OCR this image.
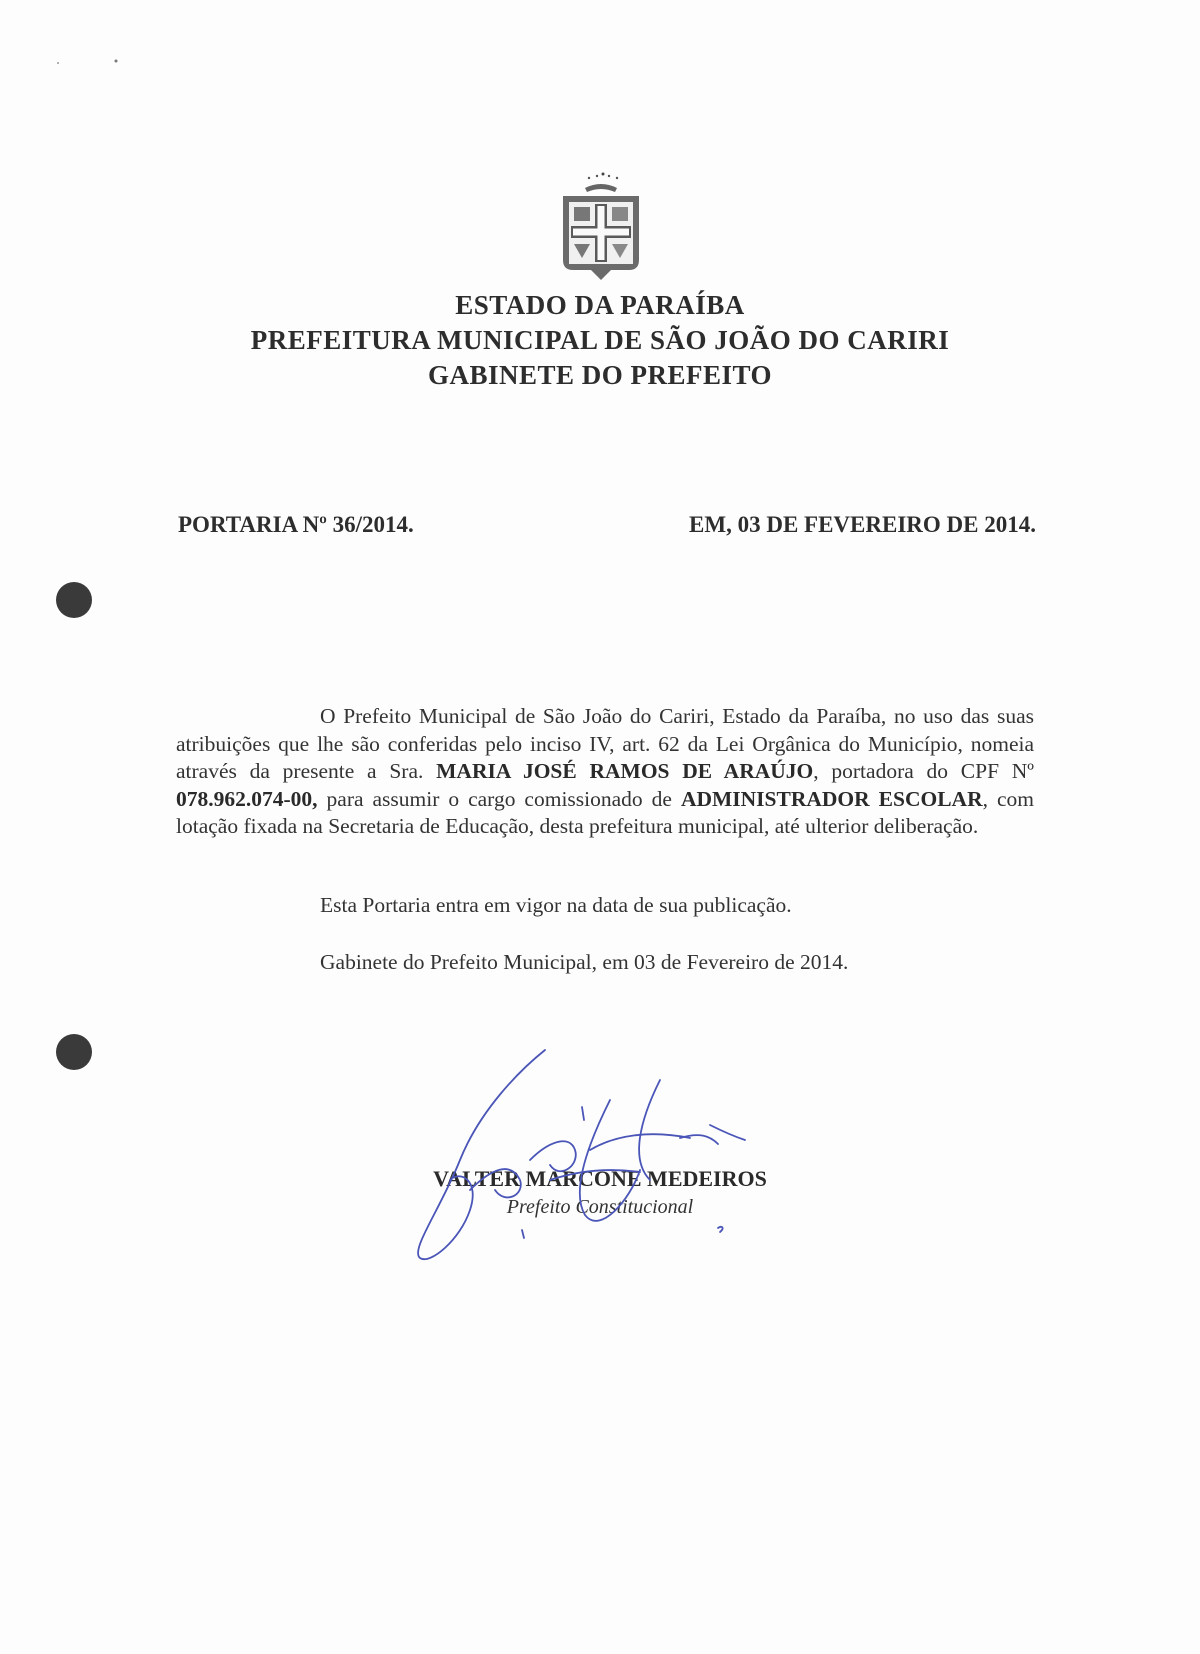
ESTADO DA PARAÍBA
PREFEITURA MUNICIPAL DE SÃO JOÃO DO CARIRI
GABINETE DO PREFEITO
PORTARIA Nº 36/2014.	EM, 03 DE FEVEREIRO DE 2014.
O Prefeito Municipal de São João do Cariri, Estado da Paraíba, no uso das suas atribuições que lhe são conferidas pelo inciso IV, art. 62 da Lei Orgânica do Município, nomeia através da presente a Sra. MARIA JOSÉ RAMOS DE ARAÚJO, portadora do CPF Nº 078.962.074-00, para assumir o cargo comissionado de ADMINISTRADOR ESCOLAR, com lotação fixada na Secretaria de Educação, desta prefeitura municipal, até ulterior deliberação.
Esta Portaria entra em vigor na data de sua publicação.
Gabinete do Prefeito Municipal, em 03 de Fevereiro de 2014.
VALTER MARCONE MEDEIROS
Prefeito Constitucional
